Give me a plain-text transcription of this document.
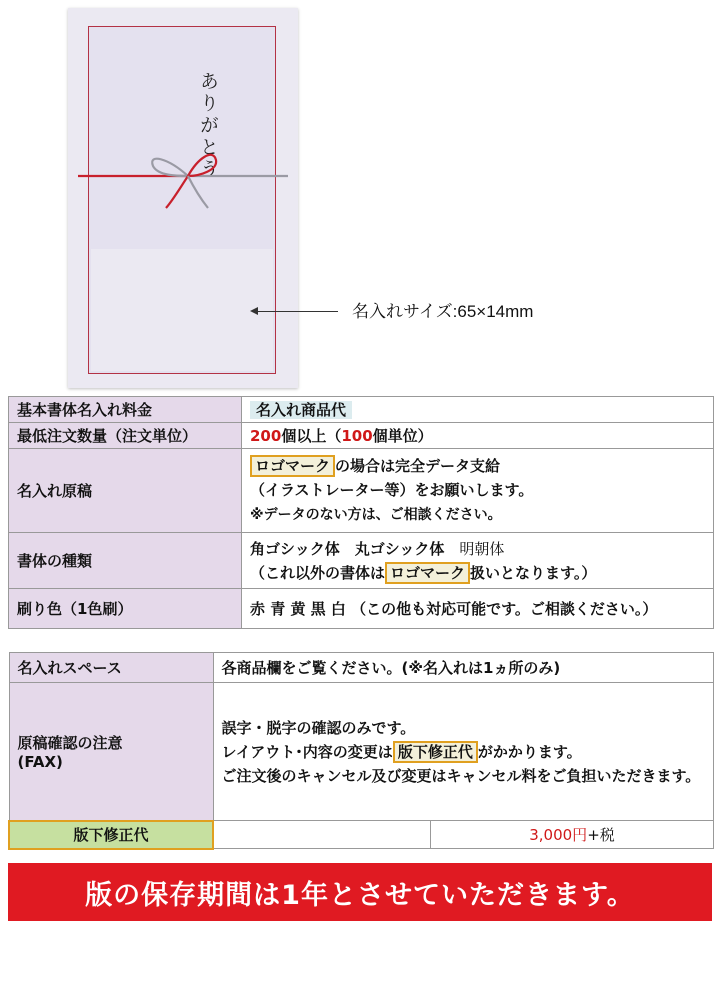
ありがとう
名入れサイズ:65×14mm
基本書体名入れ料金	名入れ商品代
最低注文数量（注文単位）	200個以上（100個単位）
名入れ原稿	ロゴマーク の場合は完全データ支給
（イラストレーター等）をお願いします。
※データのない方は、ご相談ください。
書体の種類	角ゴシック体　丸ゴシック体　 明朝体
（これ以外の書体は ロゴマーク 扱いとなります。）
刷り色（1色刷）	赤 青 黄 黒 白 （この他も対応可能です。ご相談ください。）
名入れスペース	各商品欄をご覧ください。(※名入れは1ヵ所のみ)	
原稿確認の注意
(FAX)	誤字・脱字の確認のみです。
レイアウト･内容の変更は 版下修正代 がかかります。
ご注文後のキャンセル及び変更はキャンセル料をご負担いただきます。	
版下修正代		3,000円+税
版の保存期間は1年とさせていただきます。
